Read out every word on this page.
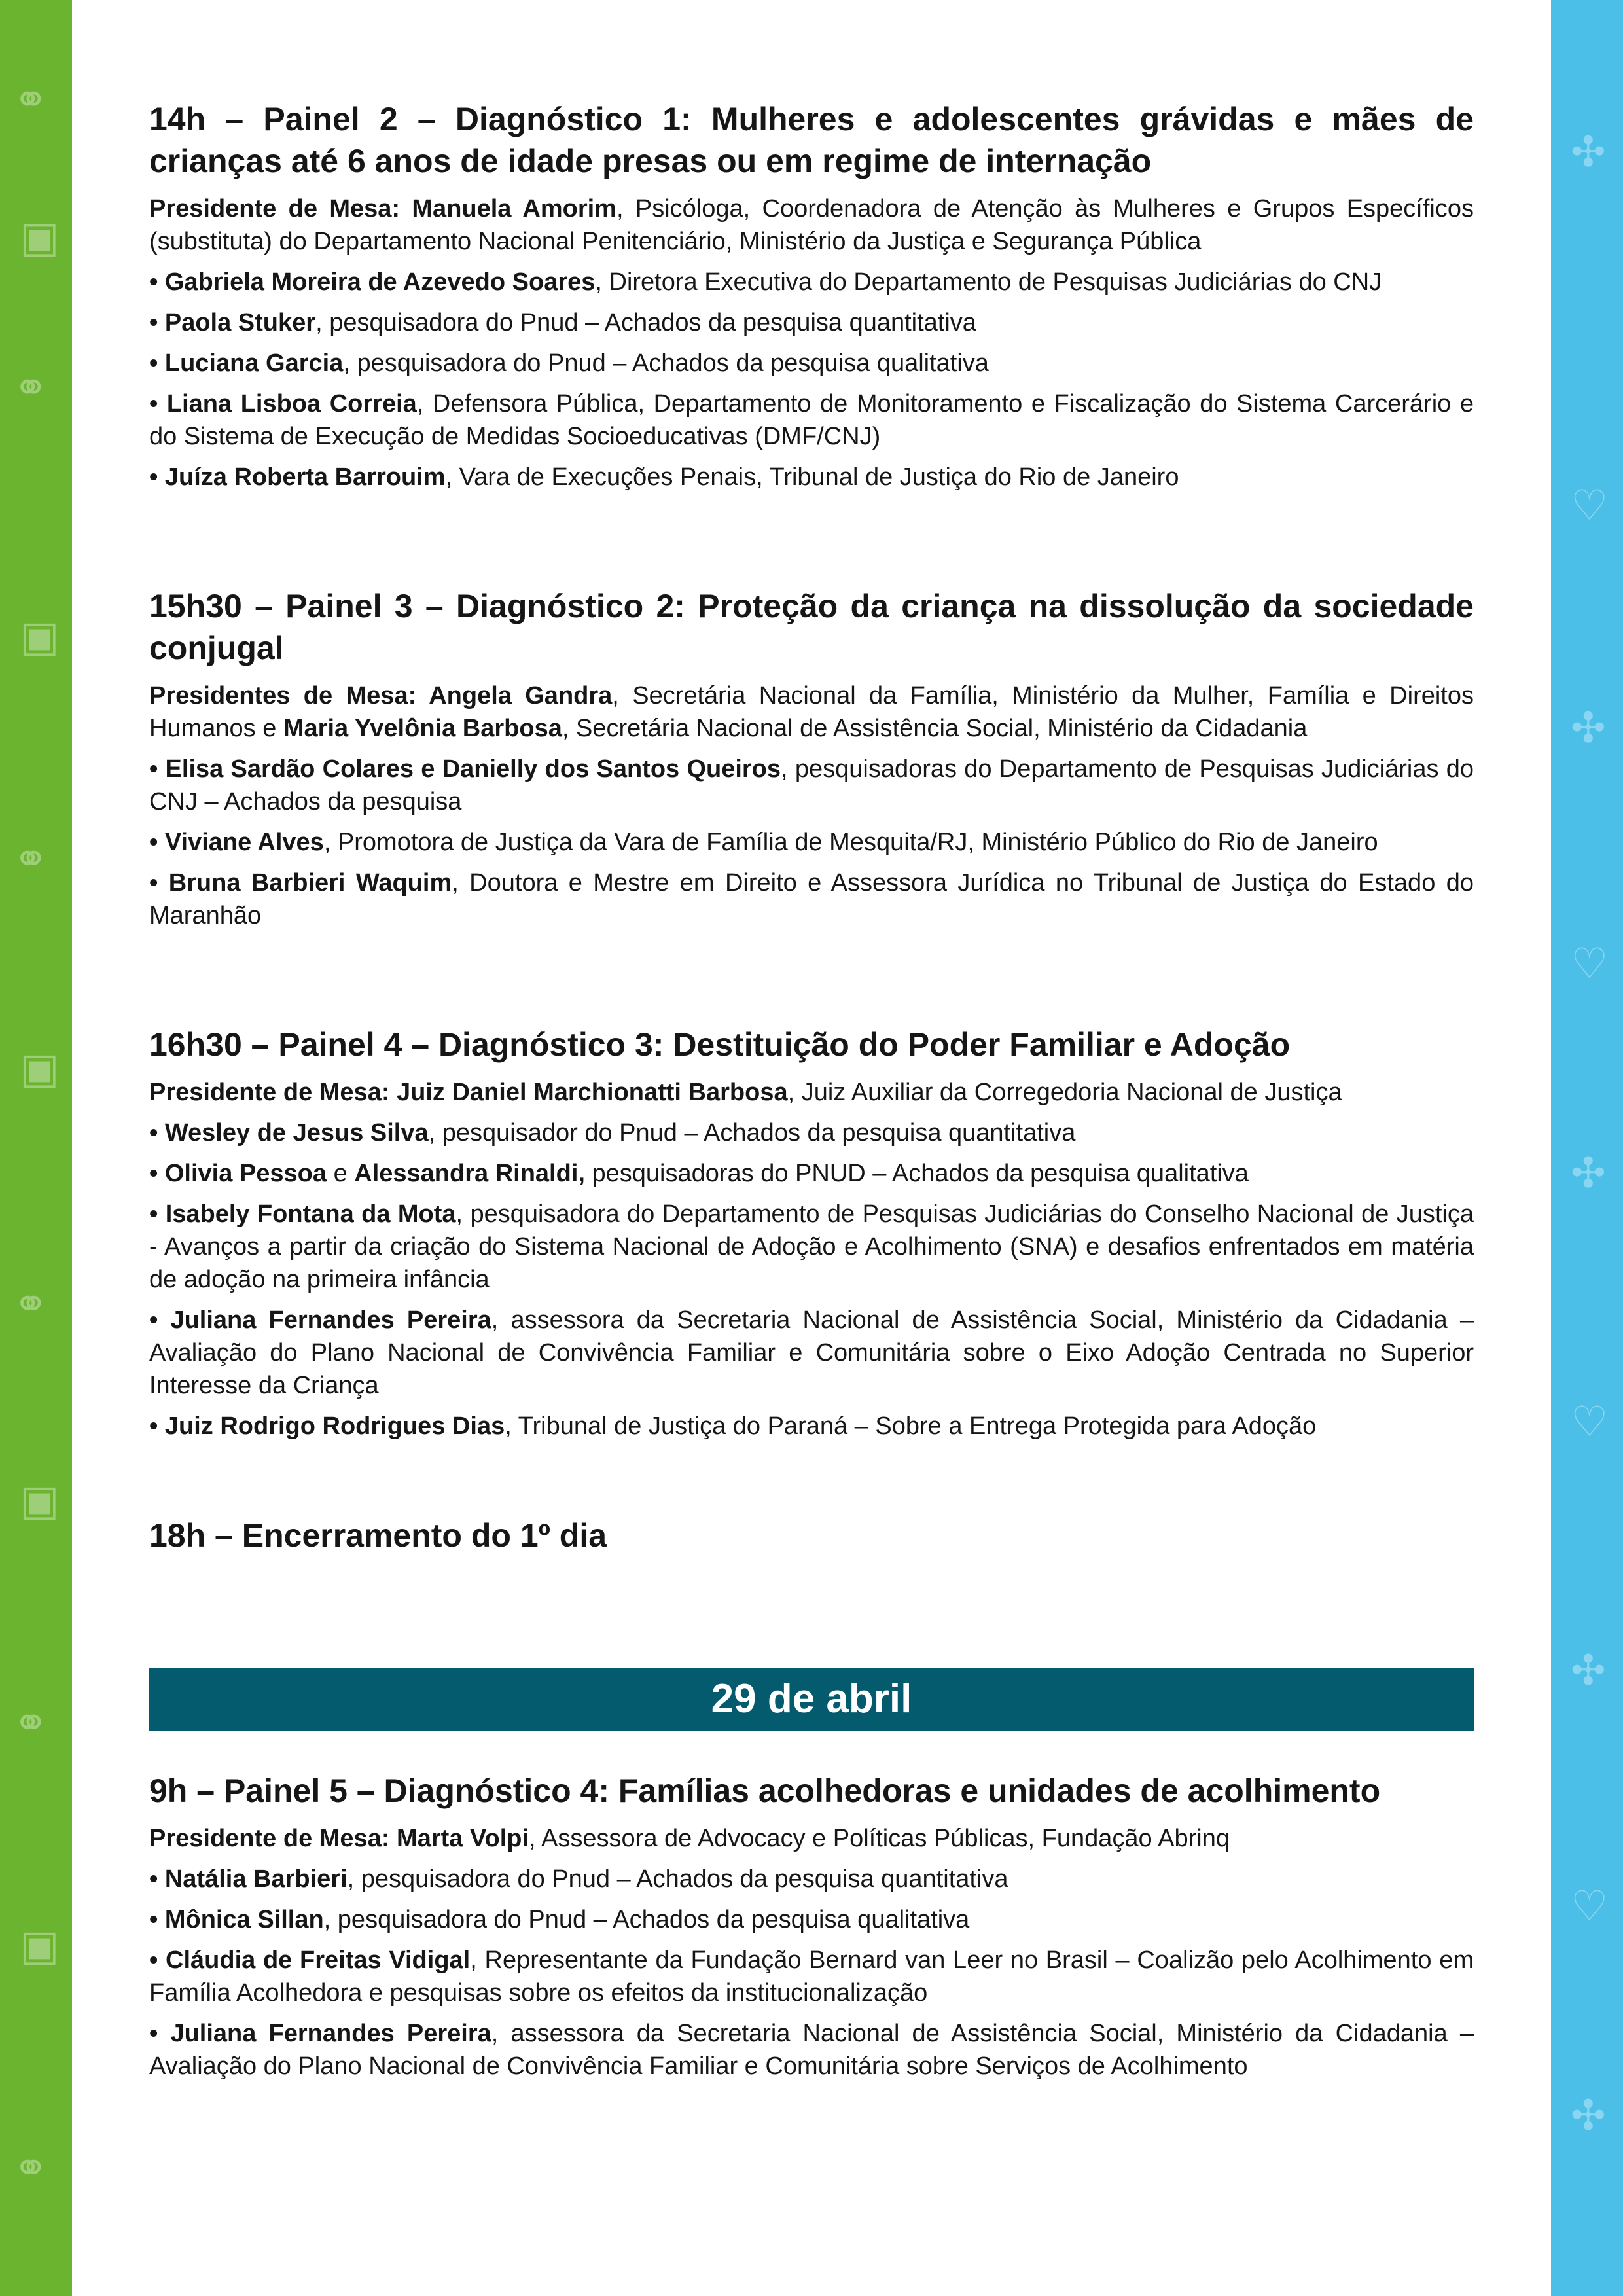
⚭
▣
⚭
▣
⚭
▣
⚭
▣
⚭
▣
⚭
✣
♡
✣
♡
✣
♡
✣
♡
✣
14h – Painel 2 – Diagnóstico 1: Mulheres e adolescentes grávidas e mães de crianças até 6 anos de idade presas ou em regime de internação
Presidente de Mesa: Manuela Amorim, Psicóloga, Coordenadora de Atenção às Mulheres e Grupos Específicos (substituta) do Departamento Nacional Penitenciário, Ministério da Justiça e Segurança Pública
• Gabriela Moreira de Azevedo Soares, Diretora Executiva do Departamento de Pesquisas Judiciárias do CNJ
• Paola Stuker, pesquisadora do Pnud – Achados da pesquisa quantitativa
• Luciana Garcia, pesquisadora do Pnud – Achados da pesquisa qualitativa
• Liana Lisboa Correia, Defensora Pública, Departamento de Monitoramento e Fiscalização do Sistema Carcerário e do Sistema de Execução de Medidas Socioeducativas (DMF/CNJ)
• Juíza Roberta Barrouim, Vara de Execuções Penais, Tribunal de Justiça do Rio de Janeiro
15h30 – Painel 3 – Diagnóstico 2: Proteção da criança na dissolução da sociedade conjugal
Presidentes de Mesa: Angela Gandra, Secretária Nacional da Família, Ministério da Mulher, Família e Direitos Humanos e Maria Yvelônia Barbosa, Secretária Nacional de Assistência Social, Ministério da Cidadania
• Elisa Sardão Colares e Danielly dos Santos Queiros, pesquisadoras do Departamento de Pesquisas Judiciárias do CNJ – Achados da pesquisa
• Viviane Alves, Promotora de Justiça da Vara de Família de Mesquita/RJ, Ministério Público do Rio de Janeiro
• Bruna Barbieri Waquim, Doutora e Mestre em Direito e Assessora Jurídica no Tribunal de Justiça do Estado do Maranhão
16h30 – Painel 4 – Diagnóstico 3: Destituição do Poder Familiar e Adoção
Presidente de Mesa: Juiz Daniel Marchionatti Barbosa, Juiz Auxiliar da Corregedoria Nacional de Justiça
• Wesley de Jesus Silva, pesquisador do Pnud – Achados da pesquisa quantitativa
• Olivia Pessoa e Alessandra Rinaldi, pesquisadoras do PNUD – Achados da pesquisa qualitativa
• Isabely Fontana da Mota, pesquisadora do Departamento de Pesquisas Judiciárias do Conselho Nacional de Justiça - Avanços a partir da criação do Sistema Nacional de Adoção e Acolhimento (SNA) e desafios enfrentados em matéria de adoção na primeira infância
• Juliana Fernandes Pereira, assessora da Secretaria Nacional de Assistência Social, Ministério da Cidadania – Avaliação do Plano Nacional de Convivência Familiar e Comunitária sobre o Eixo Adoção Centrada no Superior Interesse da Criança
• Juiz Rodrigo Rodrigues Dias, Tribunal de Justiça do Paraná – Sobre a Entrega Protegida para Adoção
18h – Encerramento do 1º dia
29 de abril
9h – Painel 5 – Diagnóstico 4: Famílias acolhedoras e unidades de acolhimento
Presidente de Mesa: Marta Volpi, Assessora de Advocacy e Políticas Públicas, Fundação Abrinq
• Natália Barbieri, pesquisadora do Pnud – Achados da pesquisa quantitativa
• Mônica Sillan, pesquisadora do Pnud – Achados da pesquisa qualitativa
• Cláudia de Freitas Vidigal, Representante da Fundação Bernard van Leer no Brasil – Coalizão pelo Acolhimento em Família Acolhedora e pesquisas sobre os efeitos da institucionalização
• Juliana Fernandes Pereira, assessora da Secretaria Nacional de Assistência Social, Ministério da Cidadania – Avaliação do Plano Nacional de Convivência Familiar e Comunitária sobre Serviços de Acolhimento
